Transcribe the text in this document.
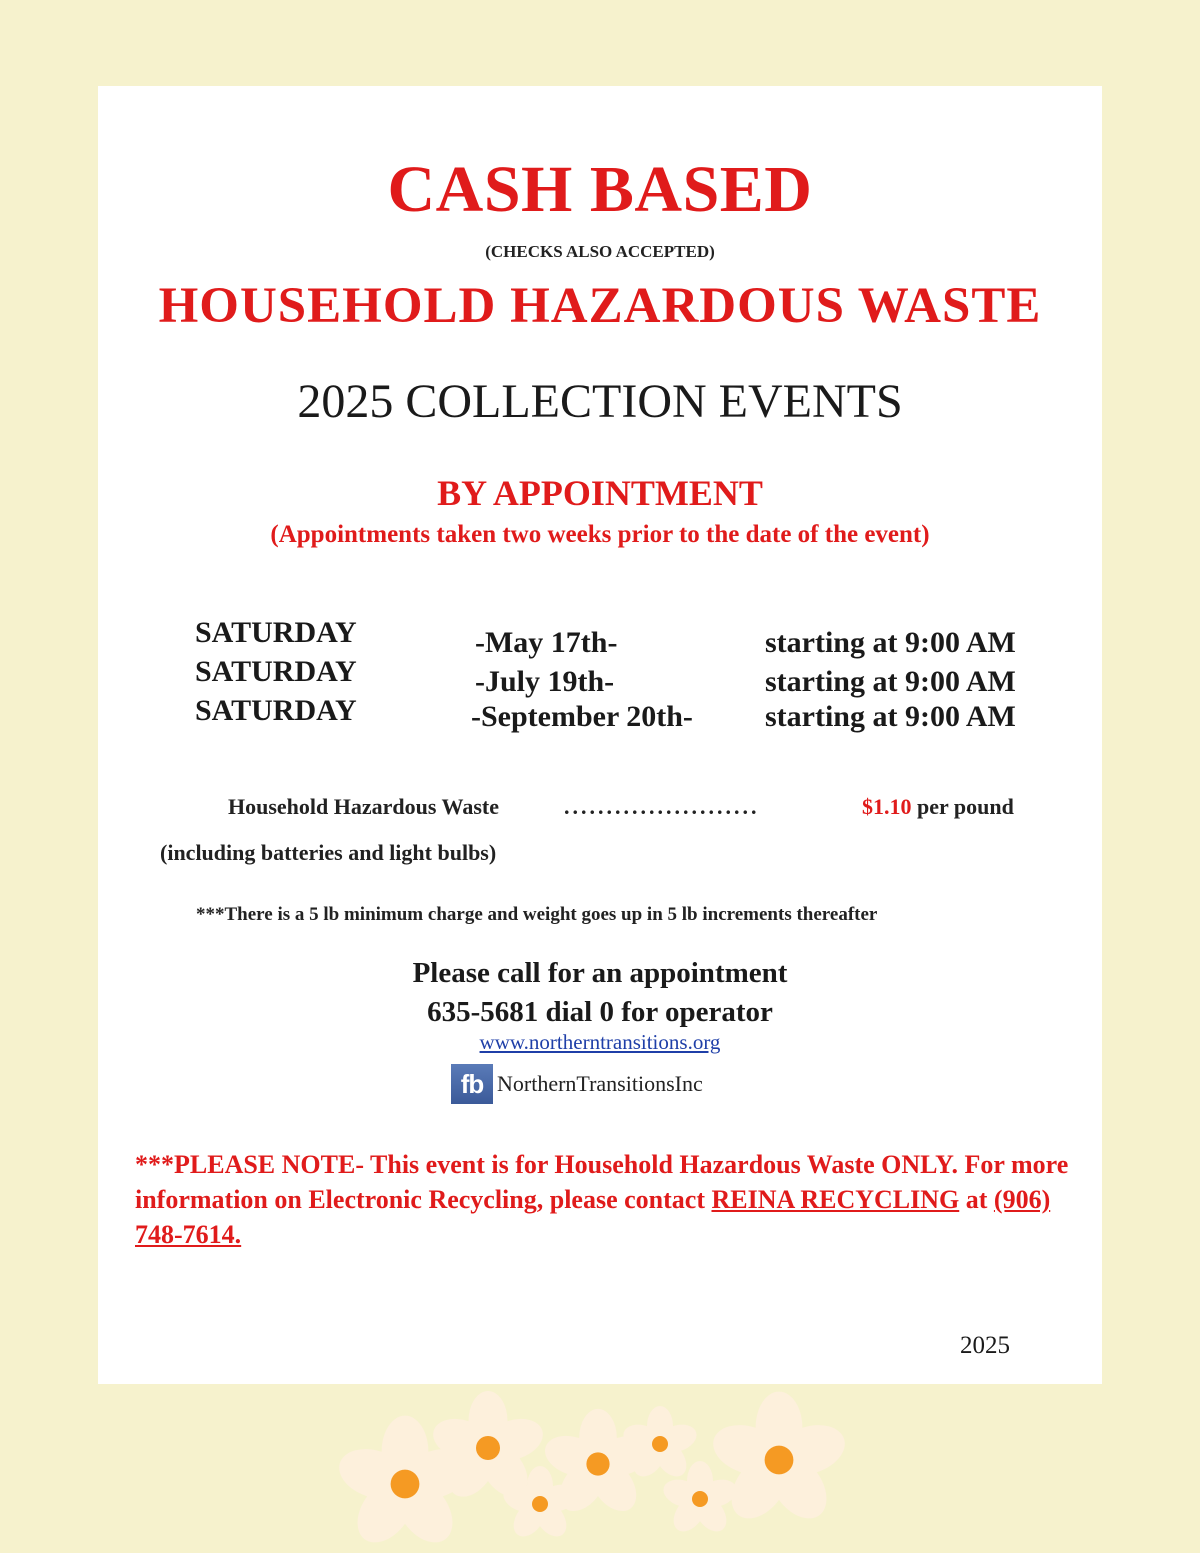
CASH BASED
(CHECKS ALSO ACCEPTED)
HOUSEHOLD HAZARDOUS WASTE
2025 COLLECTION EVENTS
BY APPOINTMENT
(Appointments taken two weeks prior to the date of the event)
SATURDAY	-May 17th-	starting at 9:00 AM
SATURDAY	-July 19th-	starting at 9:00 AM
SATURDAY	-September 20th- starting at 9:00 AM
Household Hazardous Waste	.......................	$1.10 per pound
(including batteries and light bulbs)
***There is a 5 lb minimum charge and weight goes up in 5 lb increments thereafter
Please call for an appointment
635-5681 dial 0 for operator
www.northerntransitions.org
fb NorthernTransitionsInc
***PLEASE NOTE- This event is for Household Hazardous Waste ONLY. For more information on Electronic Recycling, please contact REINA RECYCLING at (906) 748-7614.
2025
